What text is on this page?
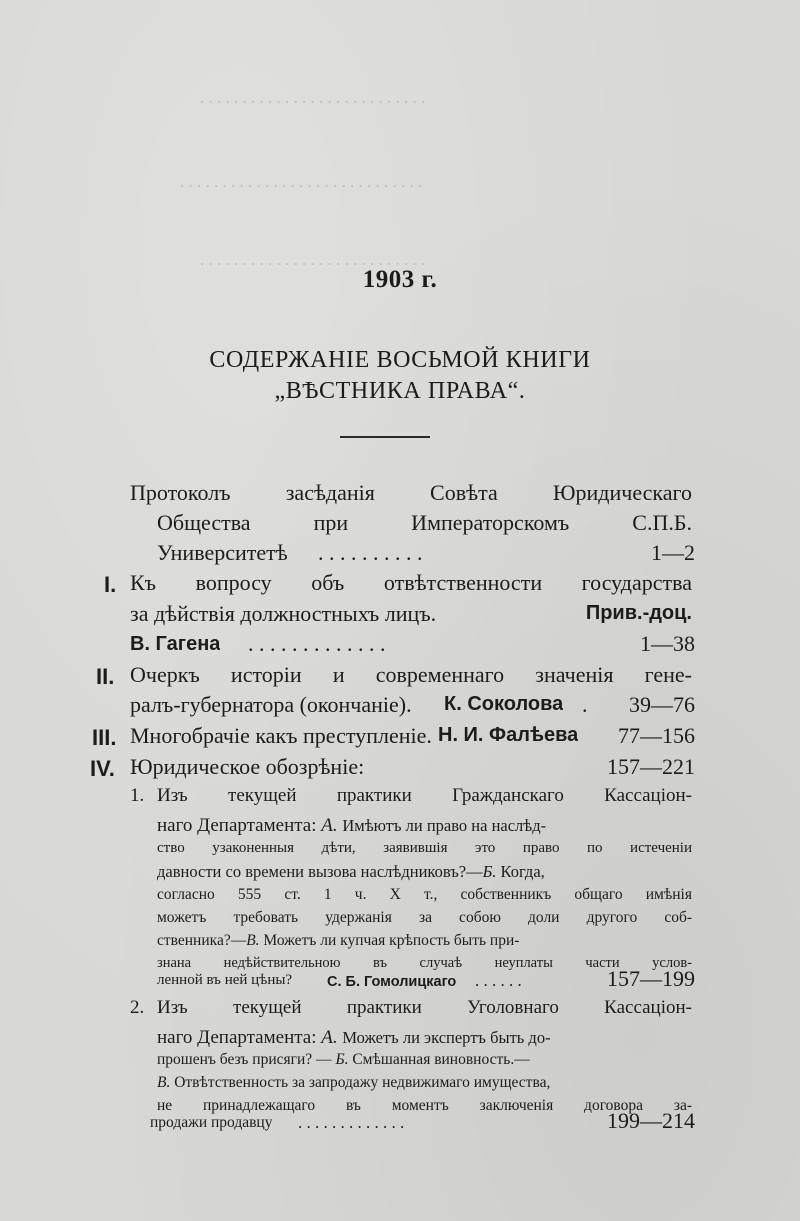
. . . . . . . . . . . . . . . . . . . . . . . . . . .
. . . . . . . . . . . . . . . . . . . . . . . . . . . . .
. . . . . . . . . . . . . . . . . . . . . . . . . . .
1903 г.
СОДЕРЖАНІЕ ВОСЬМОЙ КНИГИ
„ВѢСТНИКА ПРАВА“.
Протоколъ засѣданія Совѣта Юридическаго
Общества при Императорскомъ С.П.Б.
Университетѣ . . . . . . . . . .	1—2
I. Къ вопросу объ отвѣтственности государства
за дѣйствія должностныхъ лицъ.	Прив.-доц.
В. Гагена . . . . . . . . . . . . .	1—38
II. Очеркъ исторіи и современнаго значенія гене-
ралъ-губернатора (окончаніе). К. Соколова . 39—76
III. Многобрачіе какъ преступленіе. Н. И. Фалѣева 77—156
IV. Юридическое обозрѣніе:	157—221
1. Изъ текущей практики Гражданскаго Кассаціон-
наго Департамента: А. Имѣютъ ли право на наслѣд-
ство узаконенныя дѣти, заявившія это право по истеченіи
давности со времени вызова наслѣдниковъ?—Б. Когда,
согласно 555 ст. 1 ч. Х т., собственникъ общаго имѣнія
можетъ требовать удержанія за собою доли другого соб-
ственника?—В. Можетъ ли купчая крѣпость быть при-
знана недѣйствительною въ случаѣ неуплаты части услов-
ленной въ ней цѣны? С. Б. Гомолицкаго . . . . . .	157—199
2. Изъ текущей практики Уголовнаго Кассаціон-
наго Департамента: А. Можетъ ли экспертъ быть до-
прошенъ безъ присяги? — Б. Смѣшанная виновность.—
В. Отвѣтственность за запродажу недвижимаго имущества,
не принадлежащаго въ моментъ заключенія договора за-
продажи продавцу . . . . . . . . . . . . .	199—214
